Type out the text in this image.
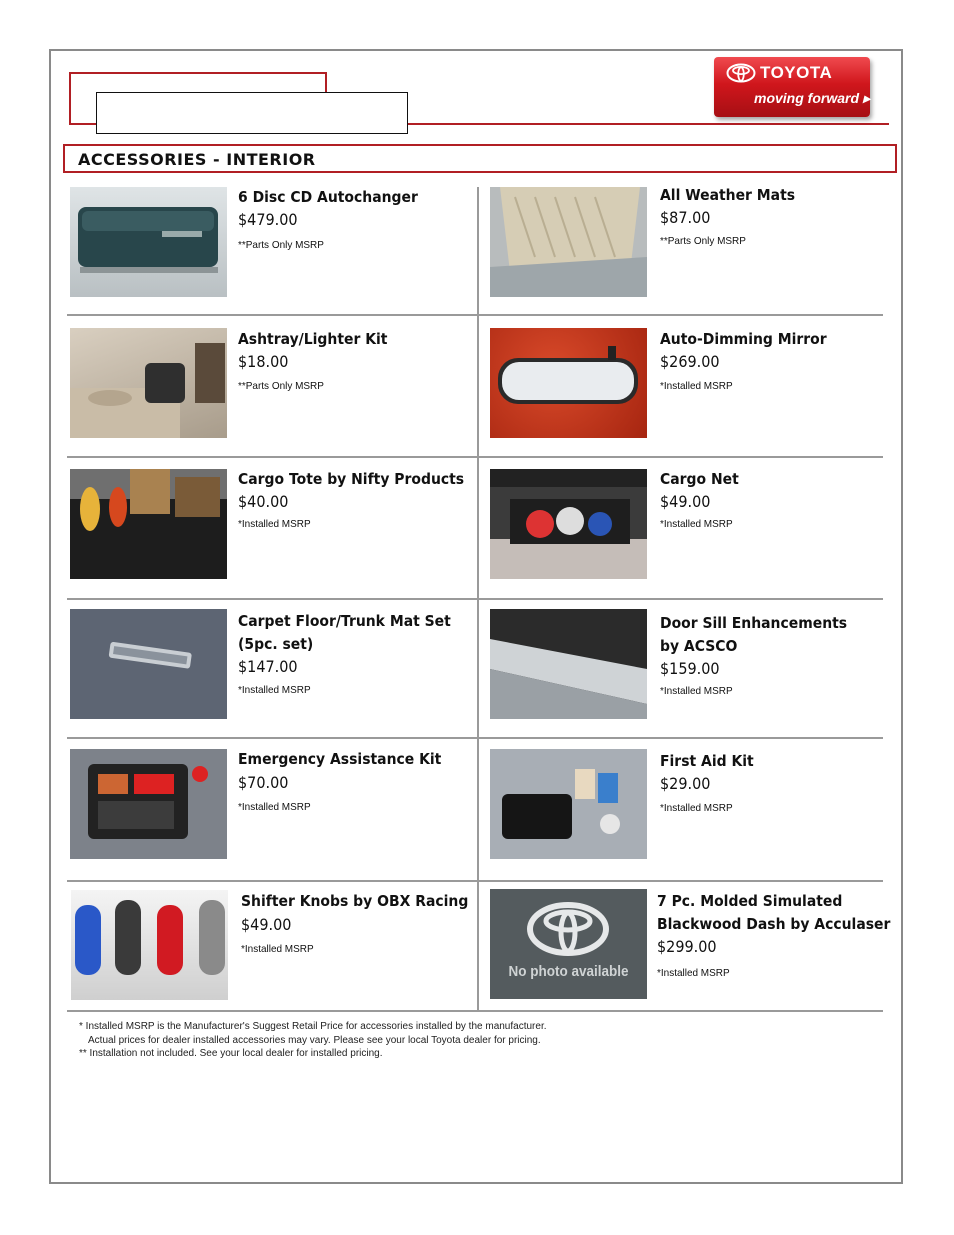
TOYOTA
moving forward ▸
ACCESSORIES - INTERIOR
6 Disc CD Autochanger
$479.00
**Parts Only MSRP
All Weather Mats
$87.00
**Parts Only MSRP
Ashtray/Lighter Kit
$18.00
**Parts Only MSRP
Auto-Dimming Mirror
$269.00
*Installed MSRP
Cargo Tote by Nifty Products
$40.00
*Installed MSRP
Cargo Net
$49.00
*Installed MSRP
Carpet Floor/Trunk Mat Set
(5pc. set)
$147.00
*Installed MSRP
Door Sill Enhancements
by ACSCO
$159.00
*Installed MSRP
Emergency Assistance Kit
$70.00
*Installed MSRP
First Aid Kit
$29.00
*Installed MSRP
Shifter Knobs by OBX Racing
$49.00
*Installed MSRP
No photo available
7 Pc. Molded Simulated
Blackwood Dash by Acculaser
$299.00
*Installed MSRP
* Installed MSRP is the Manufacturer's Suggest Retail Price for accessories installed by the manufacturer.
Actual prices for dealer installed accessories may vary. Please see your local Toyota dealer for pricing.
** Installation not included. See your local dealer for installed pricing.
